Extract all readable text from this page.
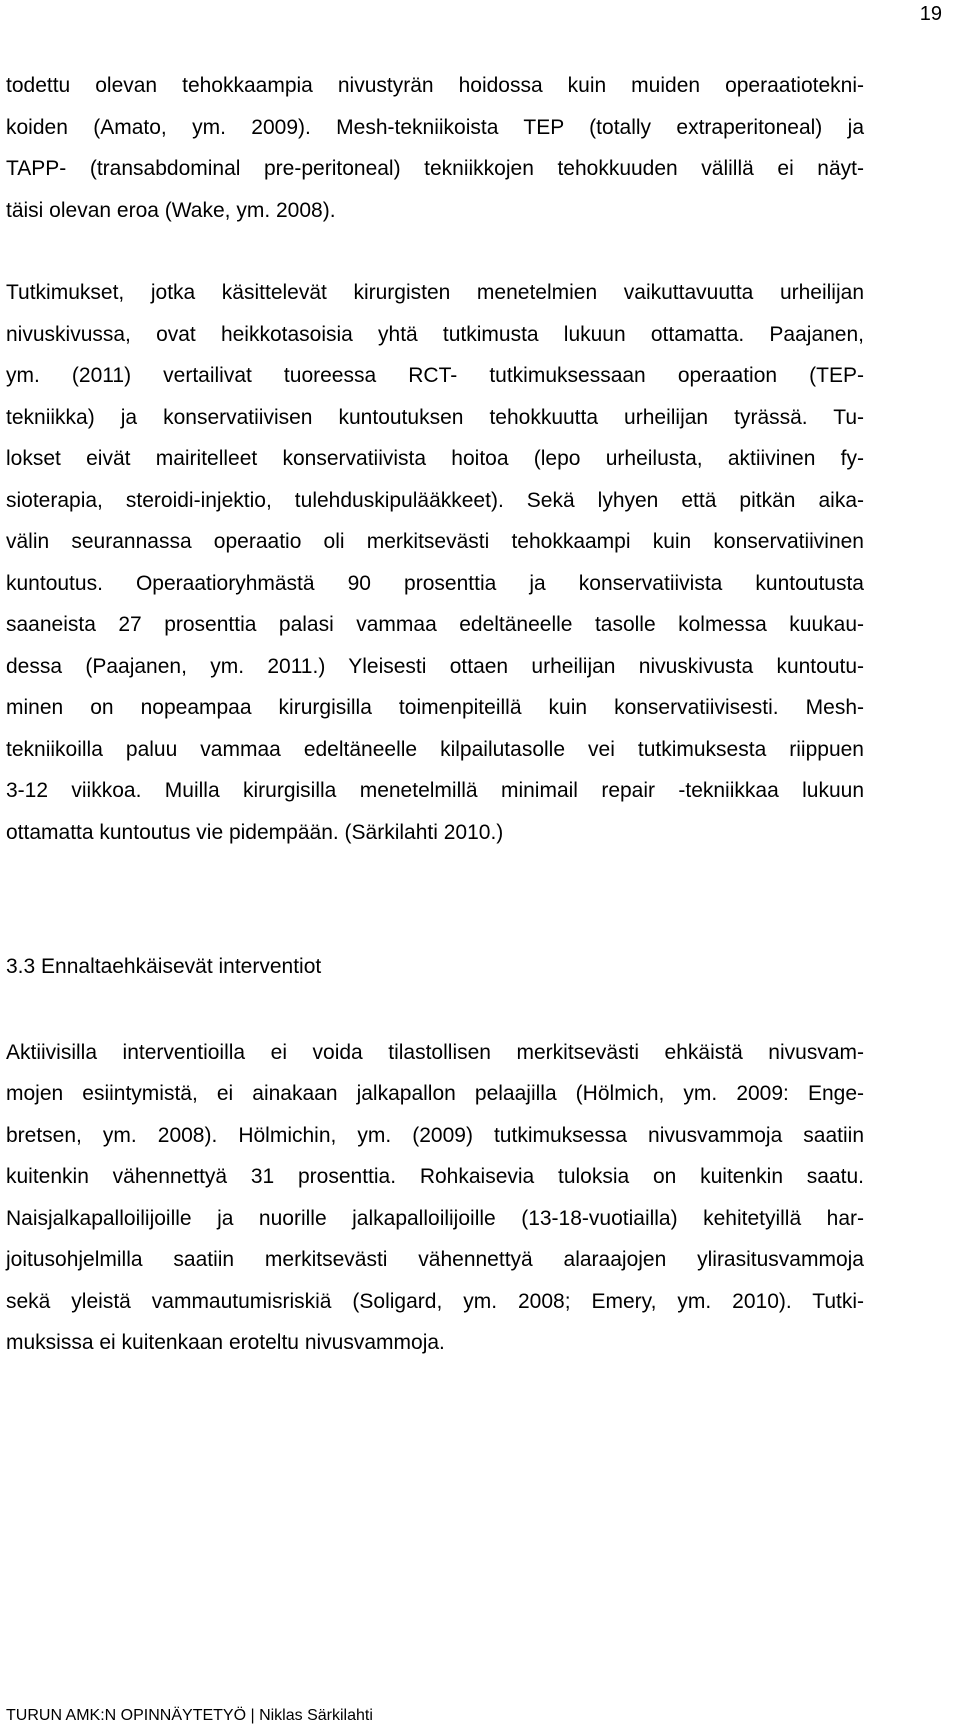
19
todettu olevan tehokkaampia nivustyrän hoidossa kuin muiden operaatiotekni-
koiden (Amato, ym. 2009). Mesh-tekniikoista TEP (totally extraperitoneal) ja
TAPP- (transabdominal pre-peritoneal) tekniikkojen tehokkuuden välillä ei näyt-
täisi olevan eroa (Wake, ym. 2008).
Tutkimukset, jotka käsittelevät kirurgisten menetelmien vaikuttavuutta urheilijan
nivuskivussa, ovat heikkotasoisia yhtä tutkimusta lukuun ottamatta. Paajanen,
ym. (2011) vertailivat tuoreessa RCT- tutkimuksessaan operaation (TEP-
tekniikka) ja konservatiivisen kuntoutuksen tehokkuutta urheilijan tyrässä. Tu-
lokset eivät mairitelleet konservatiivista hoitoa (lepo urheilusta, aktiivinen fy-
sioterapia, steroidi-injektio, tulehduskipulääkkeet). Sekä lyhyen että pitkän aika-
välin seurannassa operaatio oli merkitsevästi tehokkaampi kuin konservatiivinen
kuntoutus. Operaatioryhmästä 90 prosenttia ja konservatiivista kuntoutusta
saaneista 27 prosenttia palasi vammaa edeltäneelle tasolle kolmessa kuukau-
dessa (Paajanen, ym. 2011.) Yleisesti ottaen urheilijan nivuskivusta kuntoutu-
minen on nopeampaa kirurgisilla toimenpiteillä kuin konservatiivisesti. Mesh-
tekniikoilla paluu vammaa edeltäneelle kilpailutasolle vei tutkimuksesta riippuen
3-12 viikkoa. Muilla kirurgisilla menetelmillä minimail repair -tekniikkaa lukuun
ottamatta kuntoutus vie pidempään. (Särkilahti 2010.)
3.3 Ennaltaehkäisevät interventiot
Aktiivisilla interventioilla ei voida tilastollisen merkitsevästi ehkäistä nivusvam-
mojen esiintymistä, ei ainakaan jalkapallon pelaajilla (Hölmich, ym. 2009: Enge-
bretsen, ym. 2008). Hölmichin, ym. (2009) tutkimuksessa nivusvammoja saatiin
kuitenkin vähennettyä 31 prosenttia. Rohkaisevia tuloksia on kuitenkin saatu.
Naisjalkapalloilijoille ja nuorille jalkapalloilijoille (13-18-vuotiailla) kehitetyillä har-
joitusohjelmilla saatiin merkitsevästi vähennettyä alaraajojen ylirasitusvammoja
sekä yleistä vammautumisriskiä (Soligard, ym. 2008; Emery, ym. 2010). Tutki-
muksissa ei kuitenkaan eroteltu nivusvammoja.
TURUN AMK:N OPINNÄYTETYÖ | Niklas Särkilahti
